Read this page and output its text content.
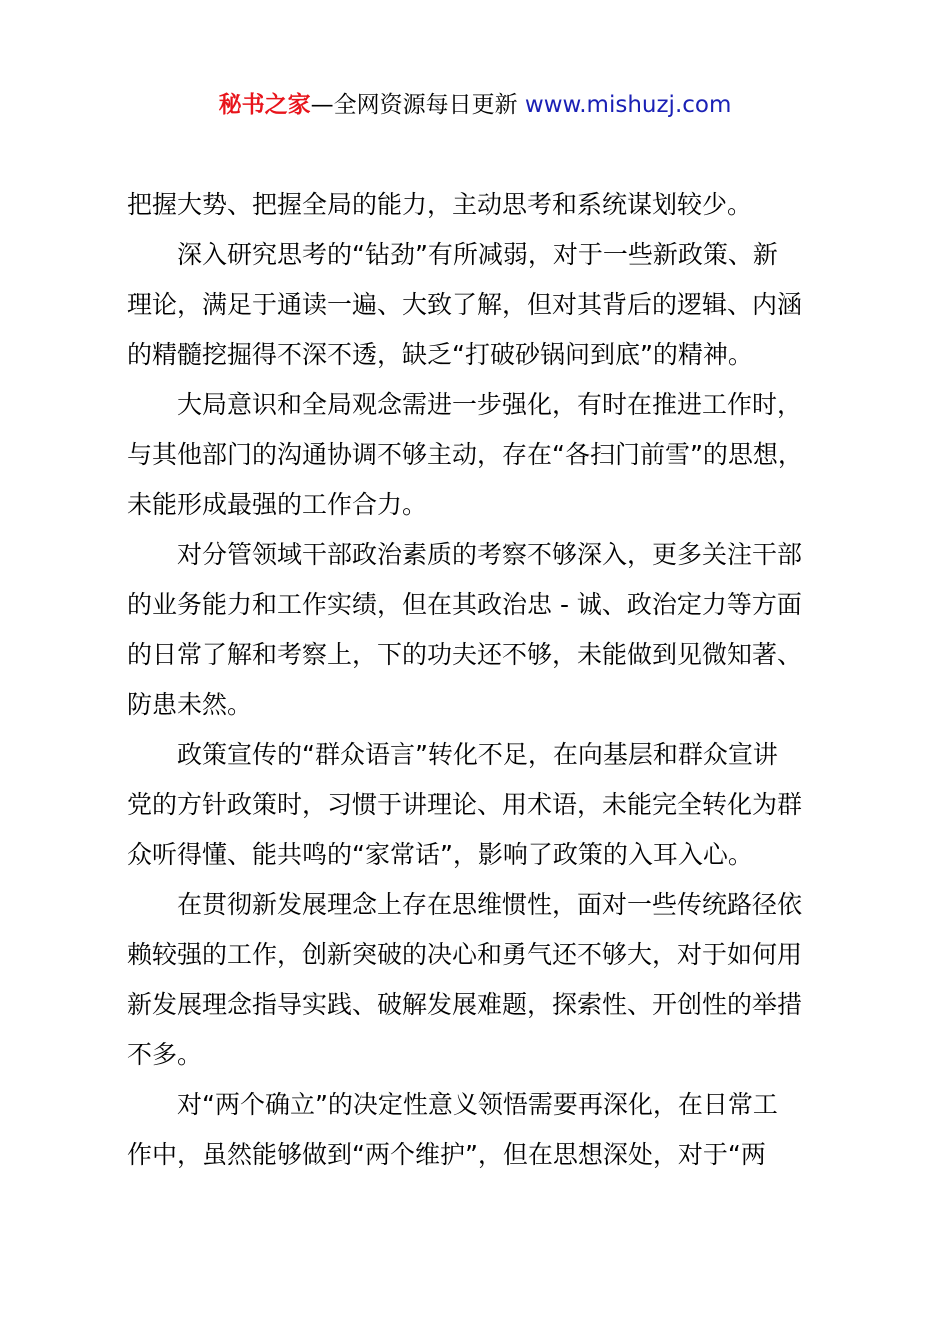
秘书之家—全网资源每日更新 www.mishuzj.com
把握大势、把握全局的能力，主动思考和系统谋划较少。
深入研究思考的“钻劲”有所减弱，对于一些新政策、新
理论，满足于通读一遍、大致了解，但对其背后的逻辑、内涵
的精髓挖掘得不深不透，缺乏“打破砂锅问到底”的精神。
大局意识和全局观念需进一步强化，有时在推进工作时，
与其他部门的沟通协调不够主动，存在“各扫门前雪”的思想，
未能形成最强的工作合力。
对分管领域干部政治素质的考察不够深入，更多关注干部
的业务能力和工作实绩，但在其政治忠 - 诚、政治定力等方面
的日常了解和考察上，下的功夫还不够，未能做到见微知著、
防患未然。
政策宣传的“群众语言”转化不足，在向基层和群众宣讲
党的方针政策时，习惯于讲理论、用术语，未能完全转化为群
众听得懂、能共鸣的“家常话”，影响了政策的入耳入心。
在贯彻新发展理念上存在思维惯性，面对一些传统路径依
赖较强的工作，创新突破的决心和勇气还不够大，对于如何用
新发展理念指导实践、破解发展难题，探索性、开创性的举措
不多。
对“两个确立”的决定性意义领悟需要再深化，在日常工
作中，虽然能够做到“两个维护”，但在思想深处，对于“两
